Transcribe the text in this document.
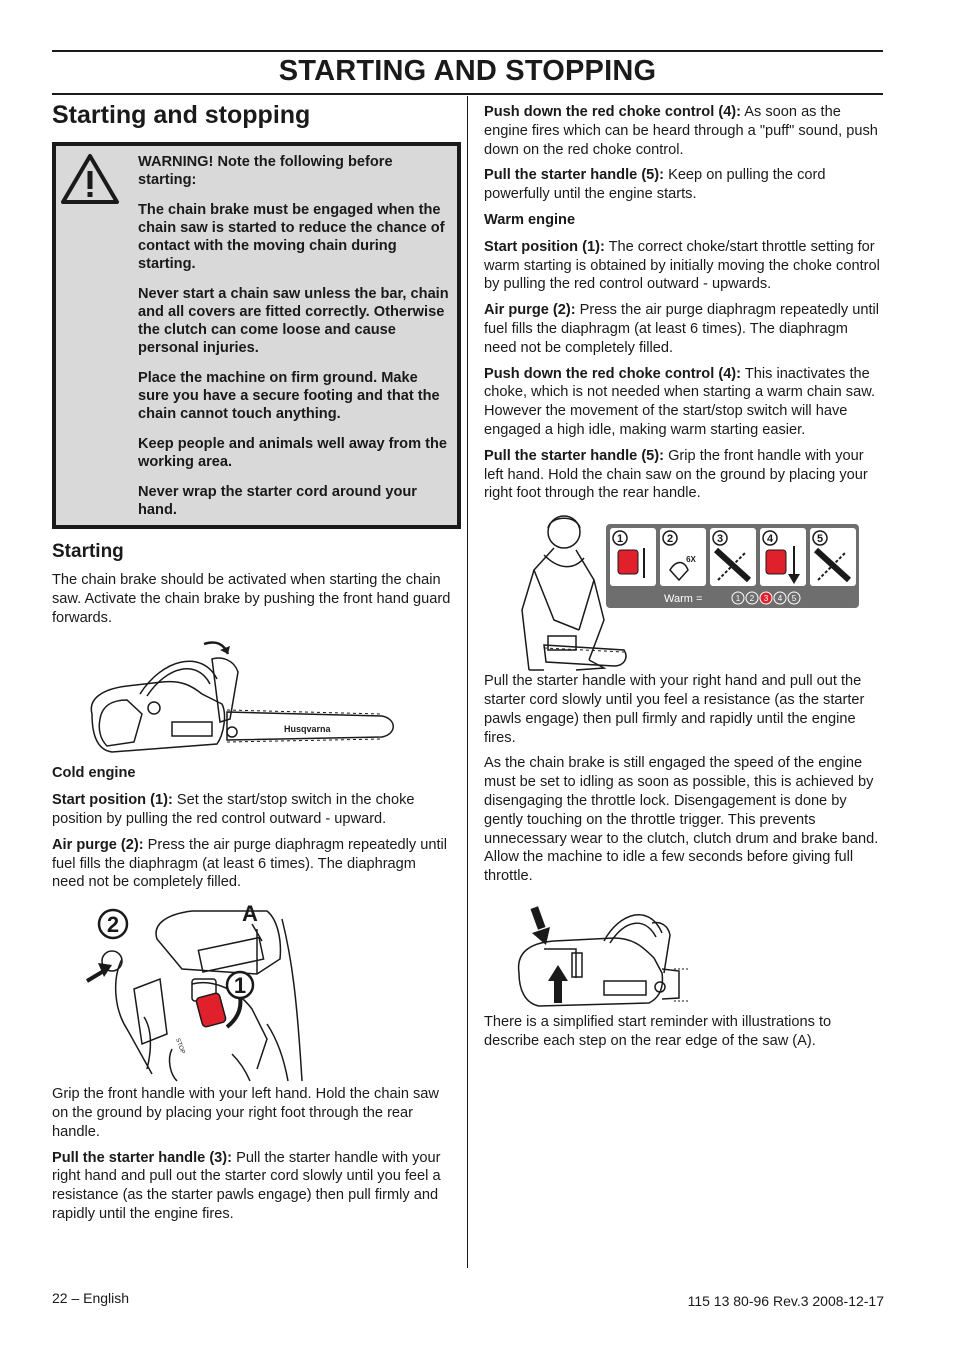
STARTING AND STOPPING
Starting and stopping

WARNING! Note the following before starting:

The chain brake must be engaged when the chain saw is started to reduce the chance of contact with the moving chain during starting.

Never start a chain saw unless the bar, chain and all covers are fitted correctly. Otherwise the clutch can come loose and cause personal injuries.

Place the machine on firm ground. Make sure you have a secure footing and that the chain cannot touch anything.

Keep people and animals well away from the working area.

Never wrap the starter cord around your hand.

Starting

The chain brake should be activated when starting the chain saw. Activate the chain brake by pushing the front hand guard forwards.

Husqvarna

Cold engine

Start position (1): Set the start/stop switch in the choke position by pulling the red control outward - upward.

Air purge (2): Press the air purge diaphragm repeatedly until fuel fills the diaphragm (at least 6 times). The diaphragm need not be completely filled.

2
1
A
STOP

Grip the front handle with your left hand. Hold the chain saw on the ground by placing your right foot through the rear handle.

Pull the starter handle (3): Pull the starter handle with your right hand and pull out the starter cord slowly until you feel a resistance (as the starter pawls engage) then pull firmly and rapidly until the engine fires.

Push down the red choke control (4): As soon as the engine fires which can be heard through a "puff" sound, push down on the red choke control.

Pull the starter handle (5): Keep on pulling the cord powerfully until the engine starts.

Warm engine

Start position (1): The correct choke/start throttle setting for warm starting is obtained by initially moving the choke control by pulling the red control outward - upwards.

Air purge (2): Press the air purge diaphragm repeatedly until fuel fills the diaphragm (at least 6 times). The diaphragm need not be completely filled.

Push down the red choke control (4): This inactivates the choke, which is not needed when starting a warm chain saw. However the movement of the start/stop switch will have engaged a high idle, making warm starting easier.

Pull the starter handle (5): Grip the front handle with your left hand. Hold the chain saw on the ground by placing your right foot through the rear handle.

1	2	3	4	5
6X
Warm =	1 2 3 4 5

Pull the starter handle with your right hand and pull out the starter cord slowly until you feel a resistance (as the starter pawls engage) then pull firmly and rapidly until the engine fires.

As the chain brake is still engaged the speed of the engine must be set to idling as soon as possible, this is achieved by disengaging the throttle lock. Disengagement is done by gently touching on the throttle trigger. This prevents unnecessary wear to the clutch, clutch drum and brake band. Allow the machine to idle a few seconds before giving full throttle.

There is a simplified start reminder with illustrations to describe each step on the rear edge of the saw (A).

22 – English	115 13 80-96 Rev.3 2008-12-17
